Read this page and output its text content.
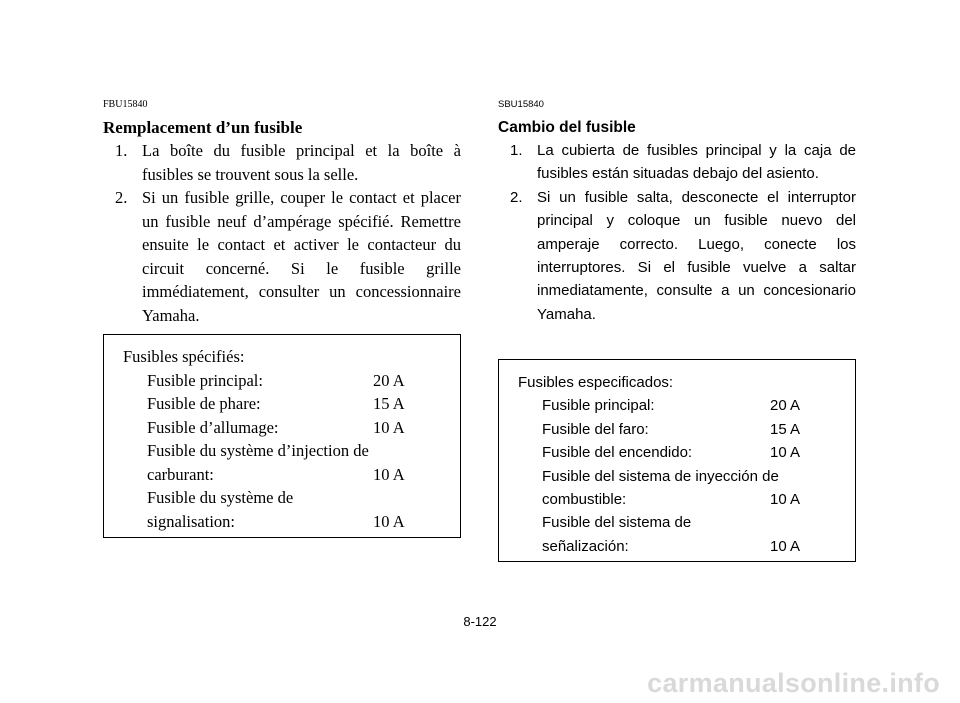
FBU15840

Remplacement d’un fusible

1. La boîte du fusible principal et la boîte à fusibles se trouvent sous la selle.
2. Si un fusible grille, couper le contact et placer un fusible neuf d’ampérage spécifié. Remettre ensuite le contact et activer le contacteur du circuit concerné. Si le fusible grille immédiatement, consulter un concessionnaire Yamaha.

Fusibles spécifiés:

Fusible principal:	20 A
Fusible de phare:	15 A
Fusible d’allumage:	10 A
Fusible du système d’injection de
carburant:	10 A
Fusible du système de
signalisation:	10 A

SBU15840

Cambio del fusible

1. La cubierta de fusibles principal y la caja de fusibles están situadas debajo del asiento.
2. Si un fusible salta, desconecte el interruptor principal y coloque un fusible nuevo del amperaje correcto. Luego, conecte los interruptores. Si el fusible vuelve a saltar inmediatamente, consulte a un concesionario Yamaha.

Fusibles especificados:

Fusible principal:	20 A
Fusible del faro:	15 A
Fusible del encendido:	10 A
Fusible del sistema de inyección de
combustible:	10 A
Fusible del sistema de
señalización:	10 A
8-122
carmanualsonline.info
